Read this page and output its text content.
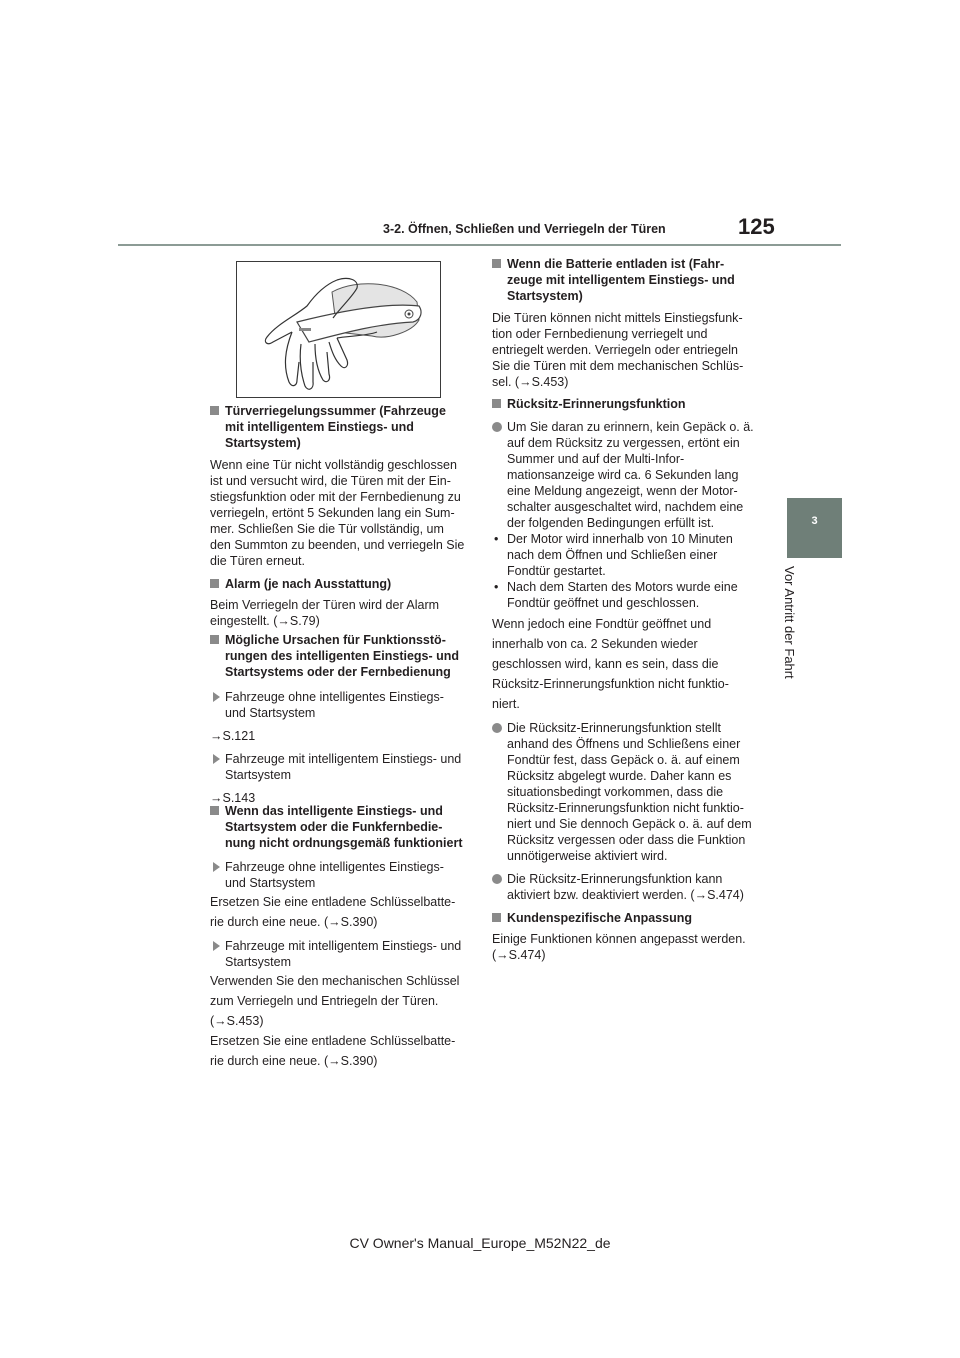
3-2. Öffnen, Schließen und Verriegeln der Türen	125
3
Vor Antritt der Fahrt

Türverriegelungssummer (Fahrzeuge mit intelligentem Einstiegs- und Startsystem)

Wenn eine Tür nicht vollständig geschlossen ist und versucht wird, die Türen mit der Einstiegsfunktion oder mit der Fernbedienung zu verriegeln, ertönt 5 Sekunden lang ein Summer. Schließen Sie die Tür vollständig, um den Summton zu beenden, und verriegeln Sie die Türen erneut.

Alarm (je nach Ausstattung)

Beim Verriegeln der Türen wird der Alarm eingestellt. (→S.79)

Mögliche Ursachen für Funktionsstörungen des intelligenten Einstiegs- und Startsystems oder der Fernbedienung

Fahrzeuge ohne intelligentes Einstiegs- und Startsystem

→S.121

Fahrzeuge mit intelligentem Einstiegs- und Startsystem

→S.143

Wenn das intelligente Einstiegs- und Startsystem oder die Funkfernbedienung nicht ordnungsgemäß funktioniert

Fahrzeuge ohne intelligentes Einstiegs- und Startsystem

Ersetzen Sie eine entladene Schlüsselbatte-

rie durch eine neue. (→S.390)

Fahrzeuge mit intelligentem Einstiegs- und Startsystem

Verwenden Sie den mechanischen Schlüssel

zum Verriegeln und Entriegeln der Türen.

(→S.453)

Ersetzen Sie eine entladene Schlüsselbatte-

rie durch eine neue. (→S.390)

Wenn die Batterie entladen ist (Fahrzeuge mit intelligentem Einstiegs- und Startsystem)

Die Türen können nicht mittels Einstiegsfunktion oder Fernbedienung verriegelt und entriegelt werden. Verriegeln oder entriegeln Sie die Türen mit dem mechanischen Schlüssel. (→S.453)

Rücksitz-Erinnerungsfunktion

Um Sie daran zu erinnern, kein Gepäck o. ä. auf dem Rücksitz zu vergessen, ertönt ein Summer und auf der Multi-Informationsanzeige wird ca. 6 Sekunden lang eine Meldung angezeigt, wenn der Motorschalter ausgeschaltet wird, nachdem eine der folgenden Bedingungen erfüllt ist.

• Der Motor wird innerhalb von 10 Minuten nach dem Öffnen und Schließen einer Fondtür gestartet.

• Nach dem Starten des Motors wurde eine Fondtür geöffnet und geschlossen.

Wenn jedoch eine Fondtür geöffnet und

innerhalb von ca. 2 Sekunden wieder

geschlossen wird, kann es sein, dass die

Rücksitz-Erinnerungsfunktion nicht funktio-

niert.

Die Rücksitz-Erinnerungsfunktion stellt anhand des Öffnens und Schließens einer Fondtür fest, dass Gepäck o. ä. auf einem Rücksitz abgelegt wurde. Daher kann es situationsbedingt vorkommen, dass die Rücksitz-Erinnerungsfunktion nicht funktioniert und Sie dennoch Gepäck o. ä. auf dem Rücksitz vergessen oder dass die Funktion unnötigerweise aktiviert wird.

Die Rücksitz-Erinnerungsfunktion kann aktiviert bzw. deaktiviert werden. (→S.474)

Kundenspezifische Anpassung

Einige Funktionen können angepasst werden. (→S.474)

CV Owner's Manual_Europe_M52N22_de
